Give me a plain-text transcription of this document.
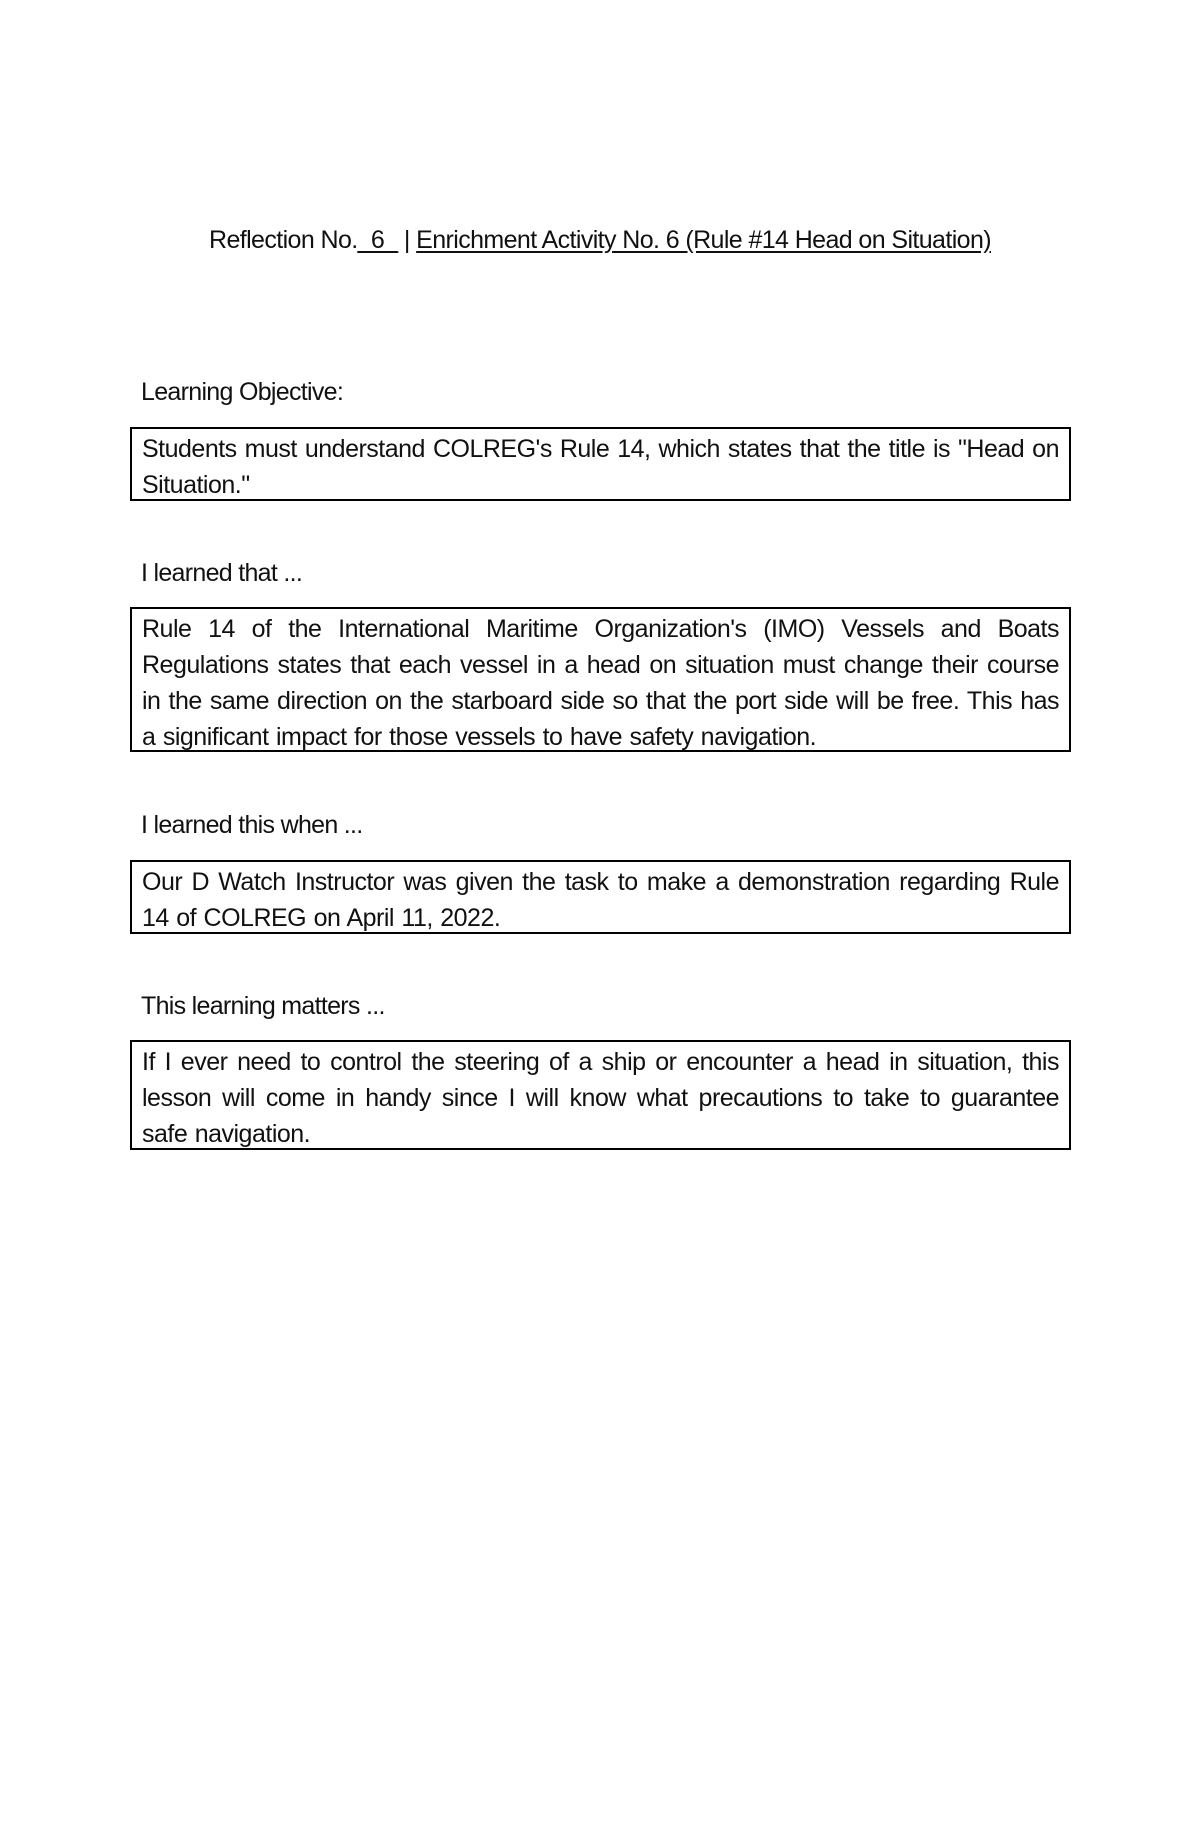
Reflection No._6_ | Enrichment Activity No. 6 (Rule #14 Head on Situation)
Learning Objective:
Students must understand COLREG's Rule 14, which states that the title is "Head on Situation."
I learned that ...
Rule 14 of the International Maritime Organization's (IMO) Vessels and Boats Regulations states that each vessel in a head on situation must change their course in the same direction on the starboard side so that the port side will be free. This has a significant impact for those vessels to have safety navigation.
I learned this when ...
Our D Watch Instructor was given the task to make a demonstration regarding Rule 14 of COLREG on April 11, 2022.
This learning matters ...
If I ever need to control the steering of a ship or encounter a head in situation, this lesson will come in handy since I will know what precautions to take to guarantee safe navigation.
